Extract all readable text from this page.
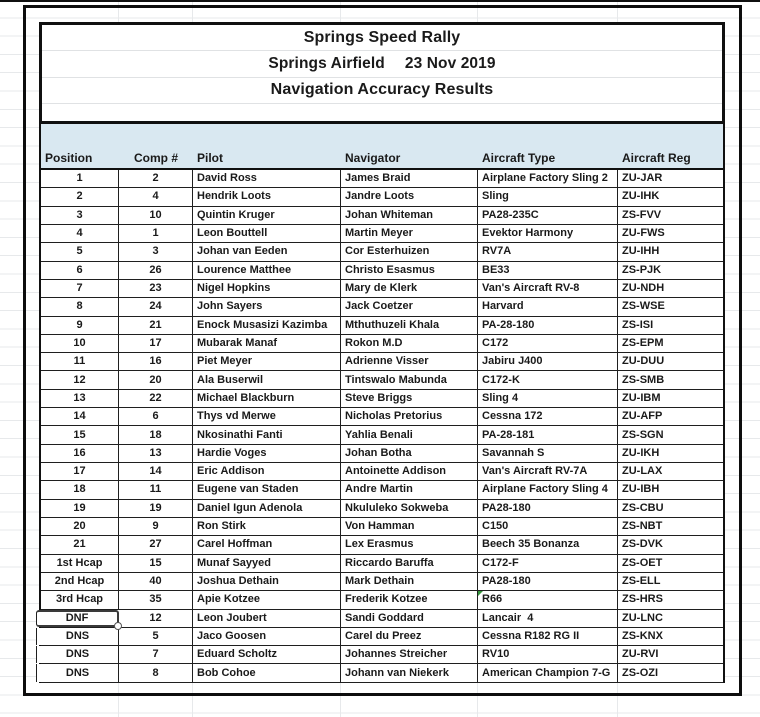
Springs Speed Rally
Springs Airfield 23 Nov 2019
Navigation Accuracy Results
Position	Comp #	Pilot	Navigator	Aircraft Type	Aircraft Reg
1	2	David Ross	James Braid	Airplane Factory Sling 2	ZU-JAR
2	4	Hendrik Loots	Jandre Loots	Sling	ZU-IHK
3	10	Quintin Kruger	Johan Whiteman	PA28-235C	ZS-FVV
4	1	Leon Bouttell	Martin Meyer	Evektor Harmony	ZU-FWS
5	3	Johan van Eeden	Cor Esterhuizen	RV7A	ZU-IHH
6	26	Lourence Matthee	Christo Esasmus	BE33	ZS-PJK
7	23	Nigel Hopkins	Mary de Klerk	Van's Aircraft RV-8	ZU-NDH
8	24	John Sayers	Jack Coetzer	Harvard	ZS-WSE
9	21	Enock Musasizi Kazimba	Mthuthuzeli Khala	PA-28-180	ZS-ISI
10	17	Mubarak Manaf	Rokon M.D	C172	ZS-EPM
11	16	Piet Meyer	Adrienne Visser	Jabiru J400	ZU-DUU
12	20	Ala Buserwil	Tintswalo Mabunda	C172-K	ZS-SMB
13	22	Michael Blackburn	Steve Briggs	Sling 4	ZU-IBM
14	6	Thys vd Merwe	Nicholas Pretorius	Cessna 172	ZU-AFP
15	18	Nkosinathi Fanti	Yahlia Benali	PA-28-181	ZS-SGN
16	13	Hardie Voges	Johan Botha	Savannah S	ZU-IKH
17	14	Eric Addison	Antoinette Addison	Van's Aircraft RV-7A	ZU-LAX
18	11	Eugene van Staden	Andre Martin	Airplane Factory Sling 4	ZU-IBH
19	19	Daniel Igun Adenola	Nkululeko Sokweba	PA28-180	ZS-CBU
20	9	Ron Stirk	Von Hamman	C150	ZS-NBT
21	27	Carel Hoffman	Lex Erasmus	Beech 35 Bonanza	ZS-DVK
1st Hcap	15	Munaf Sayyed	Riccardo Baruffa	C172-F	ZS-OET
2nd Hcap	40	Joshua Dethain	Mark Dethain	PA28-180	ZS-ELL
3rd Hcap	35	Apie Kotzee	Frederik Kotzee	R66	ZS-HRS
DNF	12	Leon Joubert	Sandi Goddard	Lancair  4	ZU-LNC
DNS	5	Jaco Goosen	Carel du Preez	Cessna R182 RG II	ZS-KNX
DNS	7	Eduard Scholtz	Johannes Streicher	RV10	ZU-RVI
DNS	8	Bob Cohoe	Johann van Niekerk	American Champion 7-G	ZS-OZI
